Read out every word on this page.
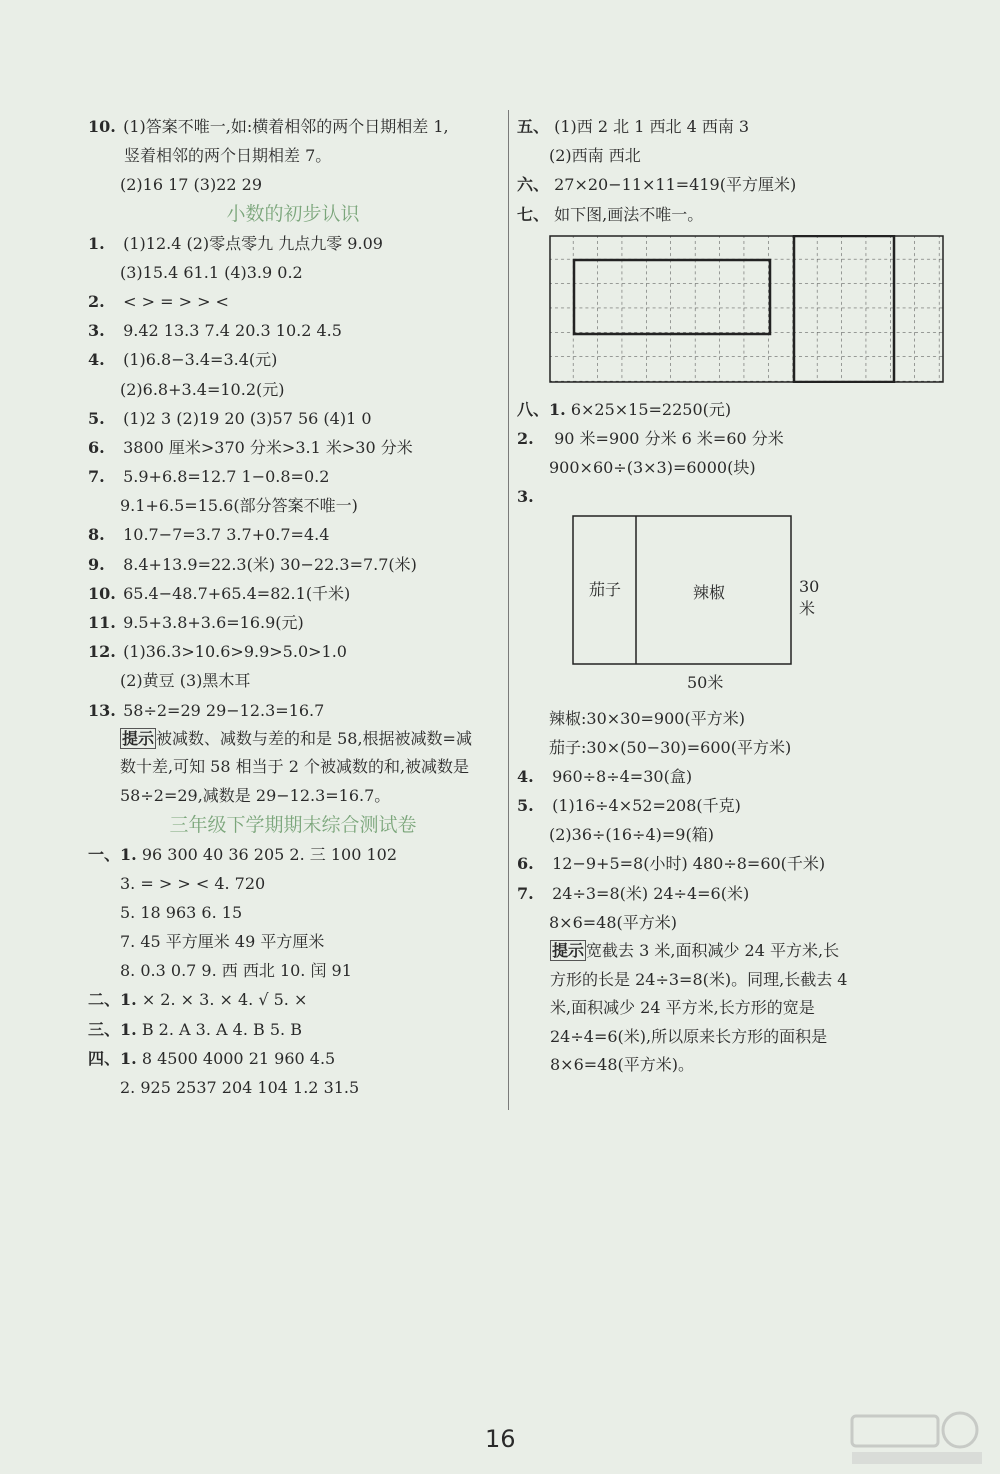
10. (1)答案不唯一,如:横着相邻的两个日期相差 1,
竖着相邻的两个日期相差 7。
(2)16 17 (3)22 29
小数的初步认识
1. (1)12.4 (2)零点零九 九点九零 9.09
(3)15.4 61.1 (4)3.9 0.2
2. < > = > > <
3. 9.42 13.3 7.4 20.3 10.2 4.5
4. (1)6.8−3.4=3.4(元)
(2)6.8+3.4=10.2(元)
5. (1)2 3 (2)19 20 (3)57 56 (4)1 0
6. 3800 厘米>370 分米>3.1 米>30 分米
7. 5.9+6.8=12.7 1−0.8=0.2
9.1+6.5=15.6(部分答案不唯一)
8. 10.7−7=3.7 3.7+0.7=4.4
9. 8.4+13.9=22.3(米) 30−22.3=7.7(米)
10. 65.4−48.7+65.4=82.1(千米)
11. 9.5+3.8+3.6=16.9(元)
12. (1)36.3>10.6>9.9>5.0>1.0
(2)黄豆 (3)黑木耳
13. 58÷2=29 29−12.3=16.7
提示 被减数、减数与差的和是 58,根据被减数=减数十差,可知 58 相当于 2 个被减数的和,被减数是 58÷2=29,减数是 29−12.3=16.7。
三年级下学期期末综合测试卷
一、1. 96 300 40 36 205 2. 三 100 102
3. = > > < 4. 720
5. 18 963 6. 15
7. 45 平方厘米 49 平方厘米
8. 0.3 0.7 9. 西 西北 10. 闰 91
二、1. × 2. × 3. × 4. √ 5. ×
三、1. B 2. A 3. A 4. B 5. B
四、1. 8 4500 4000 21 960 4.5
2. 925 2537 204 104 1.2 31.5
五、 (1)西 2 北 1 西北 4 西南 3
(2)西南 西北
六、 27×20−11×11=419(平方厘米)
七、 如下图,画法不唯一。
八、1. 6×25×15=2250(元)
2. 90 米=900 分米 6 米=60 分米
900×60÷(3×3)=6000(块)
3.
茄子	辣椒	30米
50米
辣椒:30×30=900(平方米)
茄子:30×(50−30)=600(平方米)
4. 960÷8÷4=30(盒)
5. (1)16÷4×52=208(千克)
(2)36÷(16÷4)=9(箱)
6. 12−9+5=8(小时) 480÷8=60(千米)
7. 24÷3=8(米) 24÷4=6(米)
8×6=48(平方米)
提示 宽截去 3 米,面积减少 24 平方米,长方形的长是 24÷3=8(米)。同理,长截去 4 米,面积减少 24 平方米,长方形的宽是 24÷4=6(米),所以原来长方形的面积是 8×6=48(平方米)。
16
